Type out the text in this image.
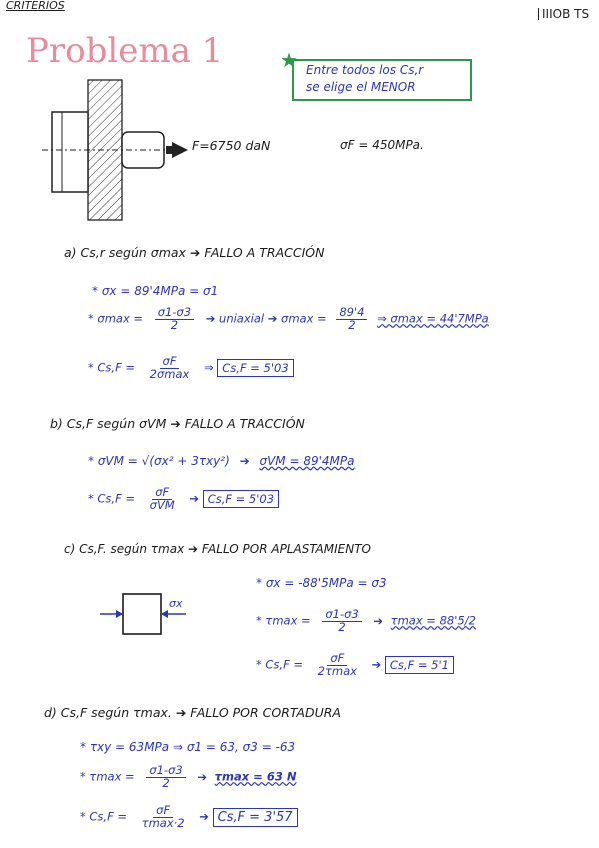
CRITERIOS
IIIOB TS
Problema 1	★ Entre todos los Cs,r
se elige el MENOR
F=6750 daN	σF = 450MPa.
a) Cs,r según σmax ➔ FALLO A TRACCIÓN
* σx = 89'4MPa = σ1
* $\sigma\max = \frac{\sigma 1-\sigma 3}{2}$ ➔ uniaxial ➔ $\sigma\max = \frac{89'4}{2}$ ⇒ σmax = 44'7MPa
* $Cs,F = \frac{\sigma F}{2\sigma\max}$ ⇒ Cs,F = 5'03
b) Cs,F según σVM ➔ FALLO A TRACCIÓN
* σVM = √(σx² + 3τxy²) ➔ σVM = 89'4MPa
* $Cs,F = \frac{\sigma F}{\text{σVM}}$ ➔ Cs,F = 5'03
c) Cs,F. según τmax ➔ FALLO POR APLASTAMIENTO
σx
* σx = -88'5MPa = σ3
* $\tau\max = \frac{\sigma 1-\sigma 3}{2}$ ➔ τmax = 88'5/2
* $Cs,F = \frac{\sigma F}{2\tau\max}$ ➔ Cs,F = 5'1
d) Cs,F según τmax. ➔ FALLO POR CORTADURA
* τxy = 63MPa ⇒ σ1 = 63, σ3 = -63
* $\tau\max = \frac{\sigma 1-\sigma 3}{2}$ ➔ τmax = 63 N
* $Cs,F = \frac{\sigma F}{\tau\max\cdot 2}$ ➔ Cs,F = 3'57
